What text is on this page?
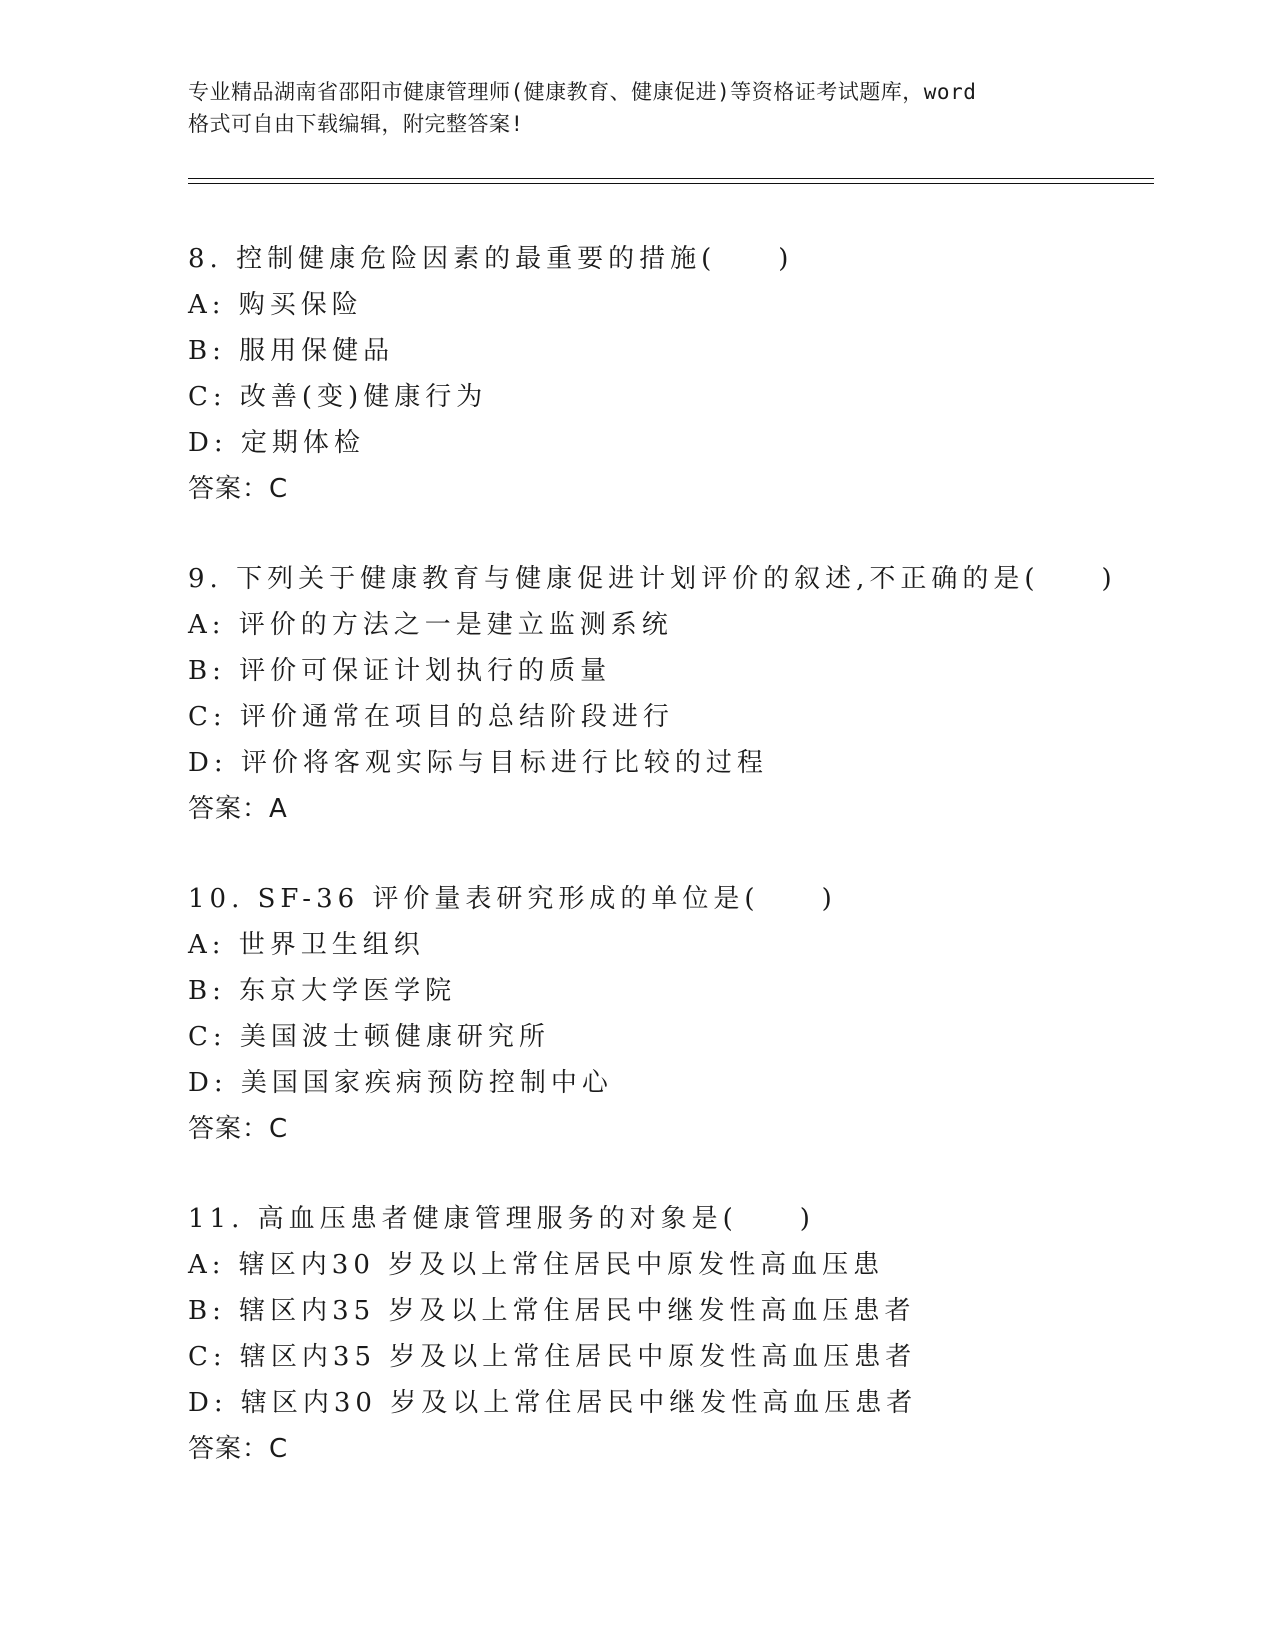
专业精品湖南省邵阳市健康管理师(健康教育、健康促进)等资格证考试题库，word
格式可自由下载编辑，附完整答案!
8. 控制健康危险因素的最重要的措施(　　)
A: 购买保险
B: 服用保健品
C: 改善(变)健康行为
D: 定期体检
答案：C
9. 下列关于健康教育与健康促进计划评价的叙述,不正确的是(　　)
A: 评价的方法之一是建立监测系统
B: 评价可保证计划执行的质量
C: 评价通常在项目的总结阶段进行
D: 评价将客观实际与目标进行比较的过程
答案：A
10. SF-36 评价量表研究形成的单位是(　　)
A: 世界卫生组织
B: 东京大学医学院
C: 美国波士顿健康研究所
D: 美国国家疾病预防控制中心
答案：C
11. 高血压患者健康管理服务的对象是(　　)
A: 辖区内30 岁及以上常住居民中原发性高血压患
B: 辖区内35 岁及以上常住居民中继发性高血压患者
C: 辖区内35 岁及以上常住居民中原发性高血压患者
D: 辖区内30 岁及以上常住居民中继发性高血压患者
答案：C
